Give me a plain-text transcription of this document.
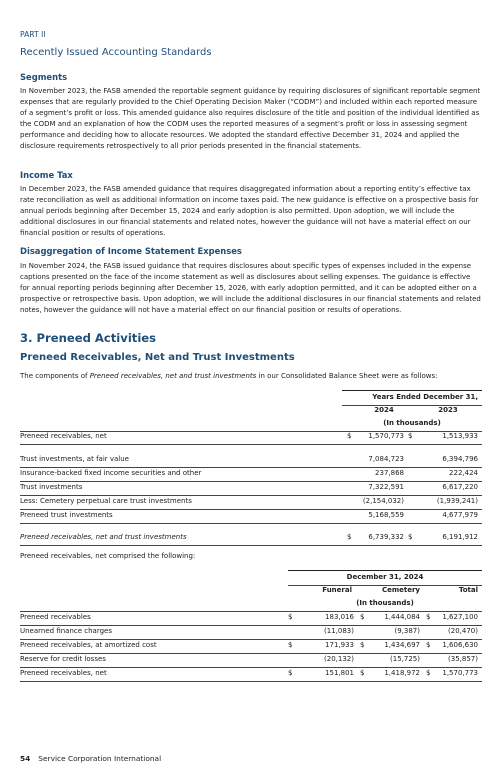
PART II
Recently Issued Accounting Standards
Segments

In November 2023, the FASB amended the reportable segment guidance by requiring disclosures of significant reportable segment expenses that are regularly provided to the Chief Operating Decision Maker (“CODM”) and included within each reported measure of a segment’s profit or loss. This amended guidance also requires disclosure of the title and position of the individual identified as the CODM and an explanation of how the CODM uses the reported measures of a segment’s profit or loss in assessing segment performance and deciding how to allocate resources. We adopted the standard effective December 31, 2024 and applied the disclosure requirements retrospectively to all prior periods presented in the financial statements.

Income Tax

In December 2023, the FASB amended guidance that requires disaggregated information about a reporting entity’s effective tax rate reconciliation as well as additional information on income taxes paid. The new guidance is effective on a prospective basis for annual periods beginning after December 15, 2024 and early adoption is also permitted. Upon adoption, we will include the additional disclosures in our financial statements and related notes, however the guidance will not have a material effect on our financial position or results of operations.

Disaggregation of Income Statement Expenses

In November 2024, the FASB issued guidance that requires disclosures about specific types of expenses included in the expense captions presented on the face of the income statement as well as disclosures about selling expenses. The guidance is effective for annual reporting periods beginning after December 15, 2026, with early adoption permitted, and it can be adopted either on a prospective or retrospective basis. Upon adoption, we will include the additional disclosures in our financial statements and related notes, however the guidance will not have a material effect on our financial position or results of operations.

3. Preneed Activities
Preneed Receivables, Net and Trust Investments
The components of Preneed receivables, net and trust investments in our Consolidated Balance Sheet were as follows:
Years Ended December 31,
2024	2023
(In thousands)
Preneed receivables, net	$ 1,570,773 $	1,513,933
Trust investments, at fair value	7,084,723	6,394,796
Insurance-backed fixed income securities and other	237,868	222,424
Trust investments	7,322,591	6,617,220
Less: Cemetery perpetual care trust investments	(2,154,032)	(1,939,241)
Preneed trust investments	5,168,559	4,677,979
Preneed receivables, net and trust investments	$ 6,739,332 $	6,191,912
Preneed receivables, net comprised the following:
December 31, 2024
Funeral	Cemetery	Total
(In thousands)
Preneed receivables	$	183,016 $	1,444,084 $ 1,627,100
Unearned finance charges	(11,083)	(9,387)	(20,470)
Preneed receivables, at amortized cost	$	171,933 $	1,434,697 $ 1,606,630
Reserve for credit losses	(20,132)	(15,725)	(35,857)
Preneed receivables, net	$	151,801 $	1,418,972 $ 1,570,773
54 Service Corporation International
